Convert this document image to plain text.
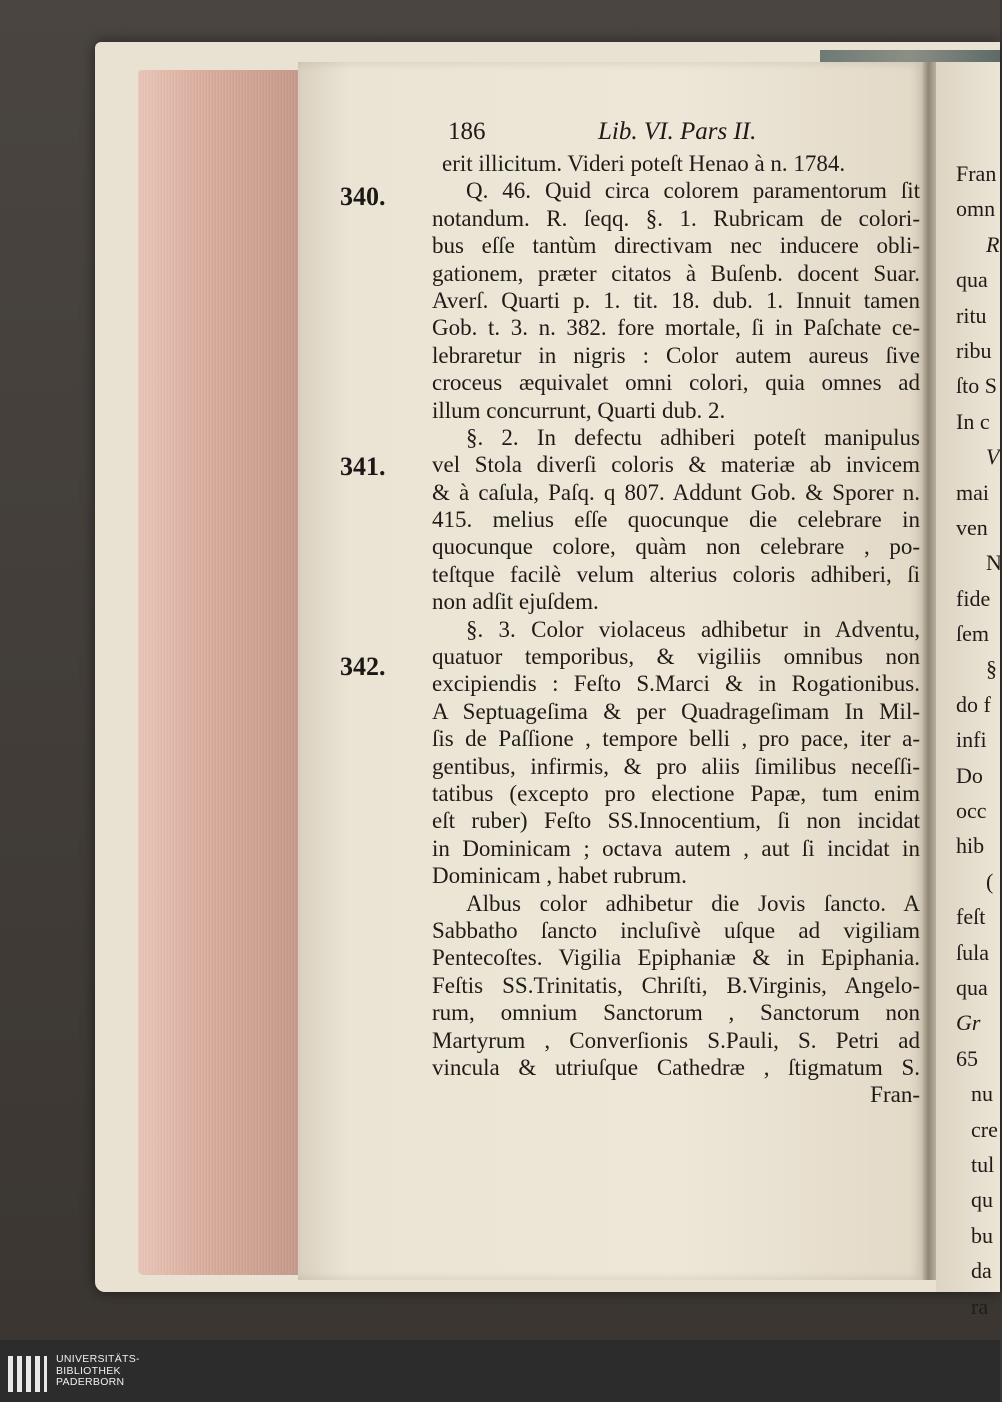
Fran
omn
R
qua
ritu
ribu
ſto S
In c
V
mai
ven
N
fide
ſem
§
do f
infi
Do
occ
hib
(
feſt
ſula
qua
Gr
65
nu
cre
tul
qu
bu
da
ra
186	Lib. VI. Pars II.
340.
341.
342.
erit illicitum. Videri poteſt Henao à n. 1784.
Q. 46. Quid circa colorem paramentorum ſit
notandum. R. ſeqq. §. 1. Rubricam de colori-
bus eſſe tantùm directivam nec inducere obli-
gationem, præter citatos à Buſenb. docent Suar.
Averſ. Quarti p. 1. tit. 18. dub. 1. Innuit tamen
Gob. t. 3. n. 382. fore mortale, ſi in Paſchate ce-
lebraretur in nigris : Color autem aureus ſive
croceus æquivalet omni colori, quia omnes ad
illum concurrunt, Quarti dub. 2.
§. 2. In defectu adhiberi poteſt manipulus
vel Stola diverſi coloris & materiæ ab invicem
& à caſula, Paſq. q 807. Addunt Gob. & Sporer n.
415. melius eſſe quocunque die celebrare in
quocunque colore, quàm non celebrare , po-
teſtque facilè velum alterius coloris adhiberi, ſi
non adſit ejuſdem.
§. 3. Color violaceus adhibetur in Adventu,
quatuor temporibus, & vigiliis omnibus non
excipiendis : Feſto S.Marci & in Rogationibus.
A Septuageſima & per Quadrageſimam In Mil-
ſis de Paſſione , tempore belli , pro pace, iter a-
gentibus, infirmis, & pro aliis ſimilibus neceſſi-
tatibus (excepto pro electione Papæ, tum enim
eſt ruber) Feſto SS.Innocentium, ſi non incidat
in Dominicam ; octava autem , aut ſi incidat in
Dominicam , habet rubrum.
Albus color adhibetur die Jovis ſancto. A
Sabbatho ſancto incluſivè uſque ad vigiliam
Pentecoſtes. Vigilia Epiphaniæ & in Epiphania.
Feſtis SS.Trinitatis, Chriſti, B.Virginis, Angelo-
rum, omnium Sanctorum , Sanctorum non
Martyrum , Converſionis S.Pauli, S. Petri ad
vincula & utriuſque Cathedræ , ſtigmatum S.
Fran-
UNIVERSITÄTS-
BIBLIOTHEK
PADERBORN
